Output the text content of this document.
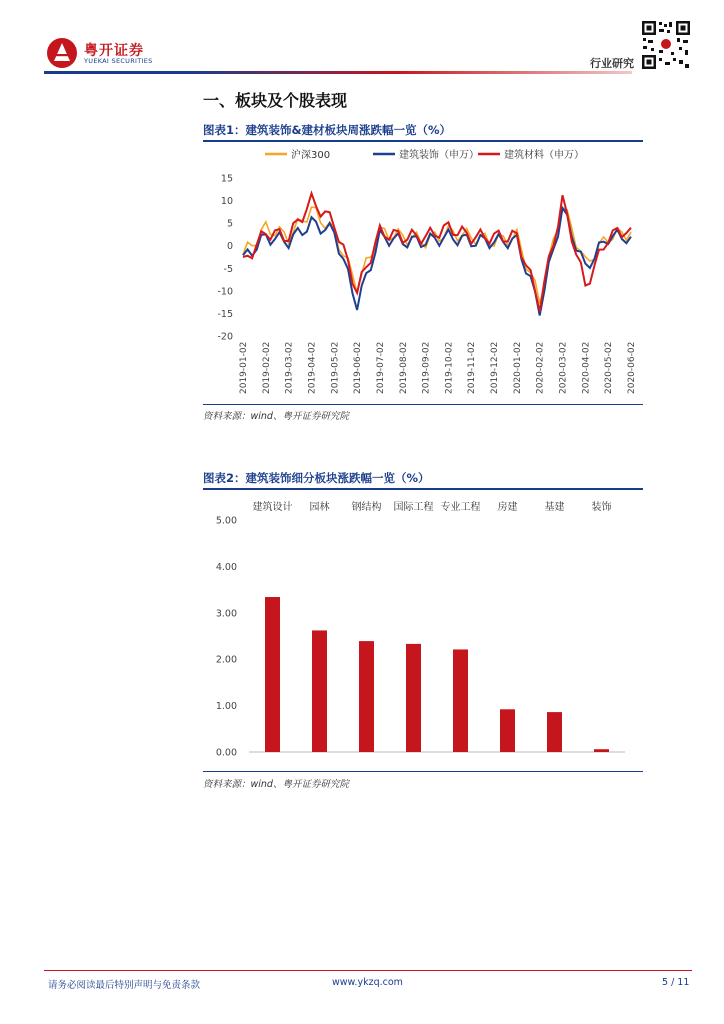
粤开证券
YUEKAI SECURITIES	行业研究
一、板块及个股表现
图表1：建筑装饰&建材板块周涨跌幅一览（%）
沪深300	建筑装饰（申万）	建筑材料（申万）
15
10
5
0
-5
-10
-15
-20
2019-01-02 2019-02-02 2019-03-02 2019-04-02 2019-05-02 2019-06-02 2019-07-02 2019-08-02 2019-09-02 2019-10-02 2019-11-02 2019-12-02 2020-01-02 2020-02-02 2020-03-02 2020-04-02 2020-05-02 2020-06-02
资料来源：wind、粤开证券研究院
图表2：建筑装饰细分板块涨跌幅一览（%）
5.00
4.00
3.00
2.00
1.00
0.00
建筑设计 园林 钢结构 国际工程 专业工程 房建	基建	装饰
资料来源：wind、粤开证券研究院
请务必阅读最后特别声明与免责条款	www.ykzq.com	5 / 11
